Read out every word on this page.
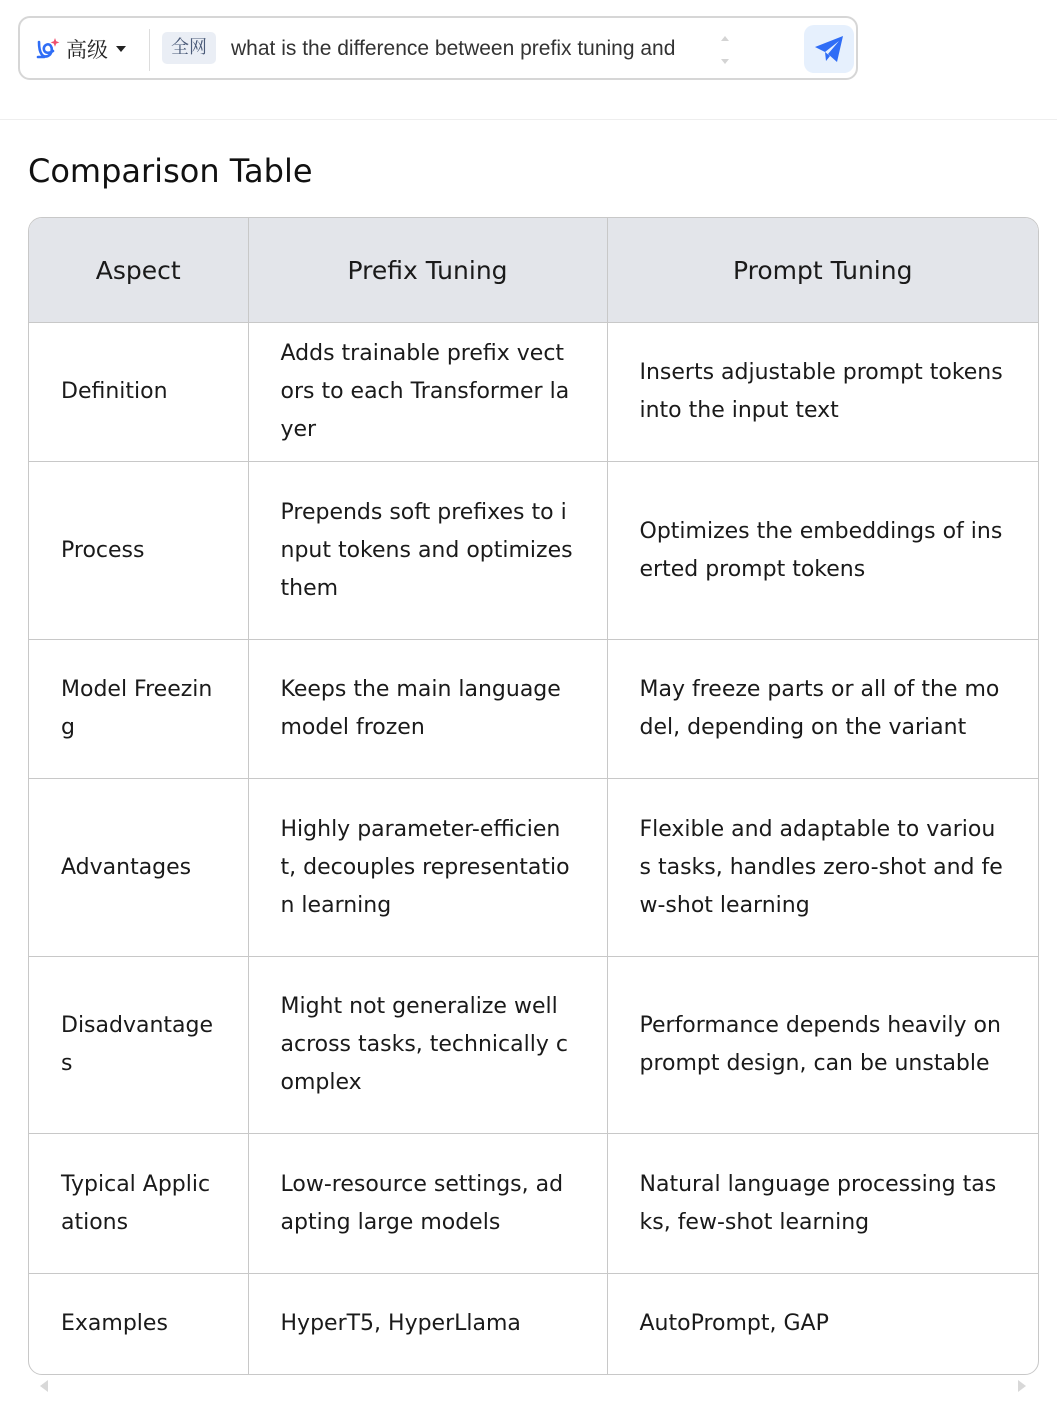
高级	全网
what is the difference between prefix tuning and
Comparison Table
Aspect	Prefix Tuning	Prompt Tuning
Definition	Adds trainable prefix vectors to each Transformer layer	Inserts adjustable prompt tokens into the input text
Process	Prepends soft prefixes to input tokens and optimizes them	Optimizes the embeddings of inserted prompt tokens
Model Freezing	Keeps the main language model frozen	May freeze parts or all of the model, depending on the variant
Advantages	Highly parameter-efficient, decouples representation learning	Flexible and adaptable to various tasks, handles zero-shot and few-shot learning
Disadvantages	Might not generalize well across tasks, technically complex	Performance depends heavily on prompt design, can be unstable
Typical Applications	Low-resource settings, adapting large models	Natural language processing tasks, few-shot learning
Examples	HyperT5, HyperLlama	AutoPrompt, GAP
